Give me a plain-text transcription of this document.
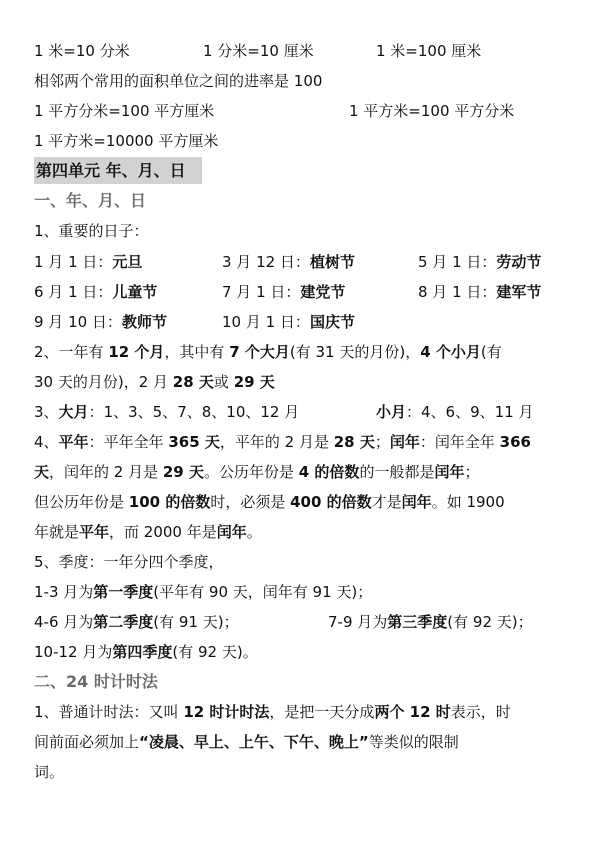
1 米=10 分米	1 分米=10 厘米	1 米=100 厘米
相邻两个常用的面积单位之间的进率是 100
1 平方分米=100 平方厘米	1 平方米=100 平方分米
1 平方米=10000 平方厘米
第四单元 年、月、日
一、年、月、日
1、重要的日子：
1 月 1 日：元旦	3 月 12 日：植树节	5 月 1 日：劳动节
6 月 1 日：儿童节	7 月 1 日：建党节	8 月 1 日：建军节
9 月 10 日：教师节	10 月 1 日：国庆节
2、一年有 12 个月，其中有 7 个大月(有 31 天的月份)，4 个小月(有
30 天的月份)，2 月 28 天或 29 天
3、大月：1、3、5、7、8、10、12 月	小月：4、6、9、11 月
4、平年：平年全年 365 天，平年的 2 月是 28 天；闰年：闰年全年 366
天，闰年的 2 月是 29 天。公历年份是 4 的倍数的一般都是闰年；
但公历年份是 100 的倍数时，必须是 400 的倍数才是闰年。如 1900
年就是平年，而 2000 年是闰年。
5、季度：一年分四个季度，
1-3 月为第一季度(平年有 90 天，闰年有 91 天)；
4-6 月为第二季度(有 91 天)；	7-9 月为第三季度(有 92 天)；
10-12 月为第四季度(有 92 天)。
二、24 时计时法
1、普通计时法：又叫 12 时计时法，是把一天分成两个 12 时表示，时
间前面必须加上“凌晨、早上、上午、下午、晚上”等类似的限制
词。
